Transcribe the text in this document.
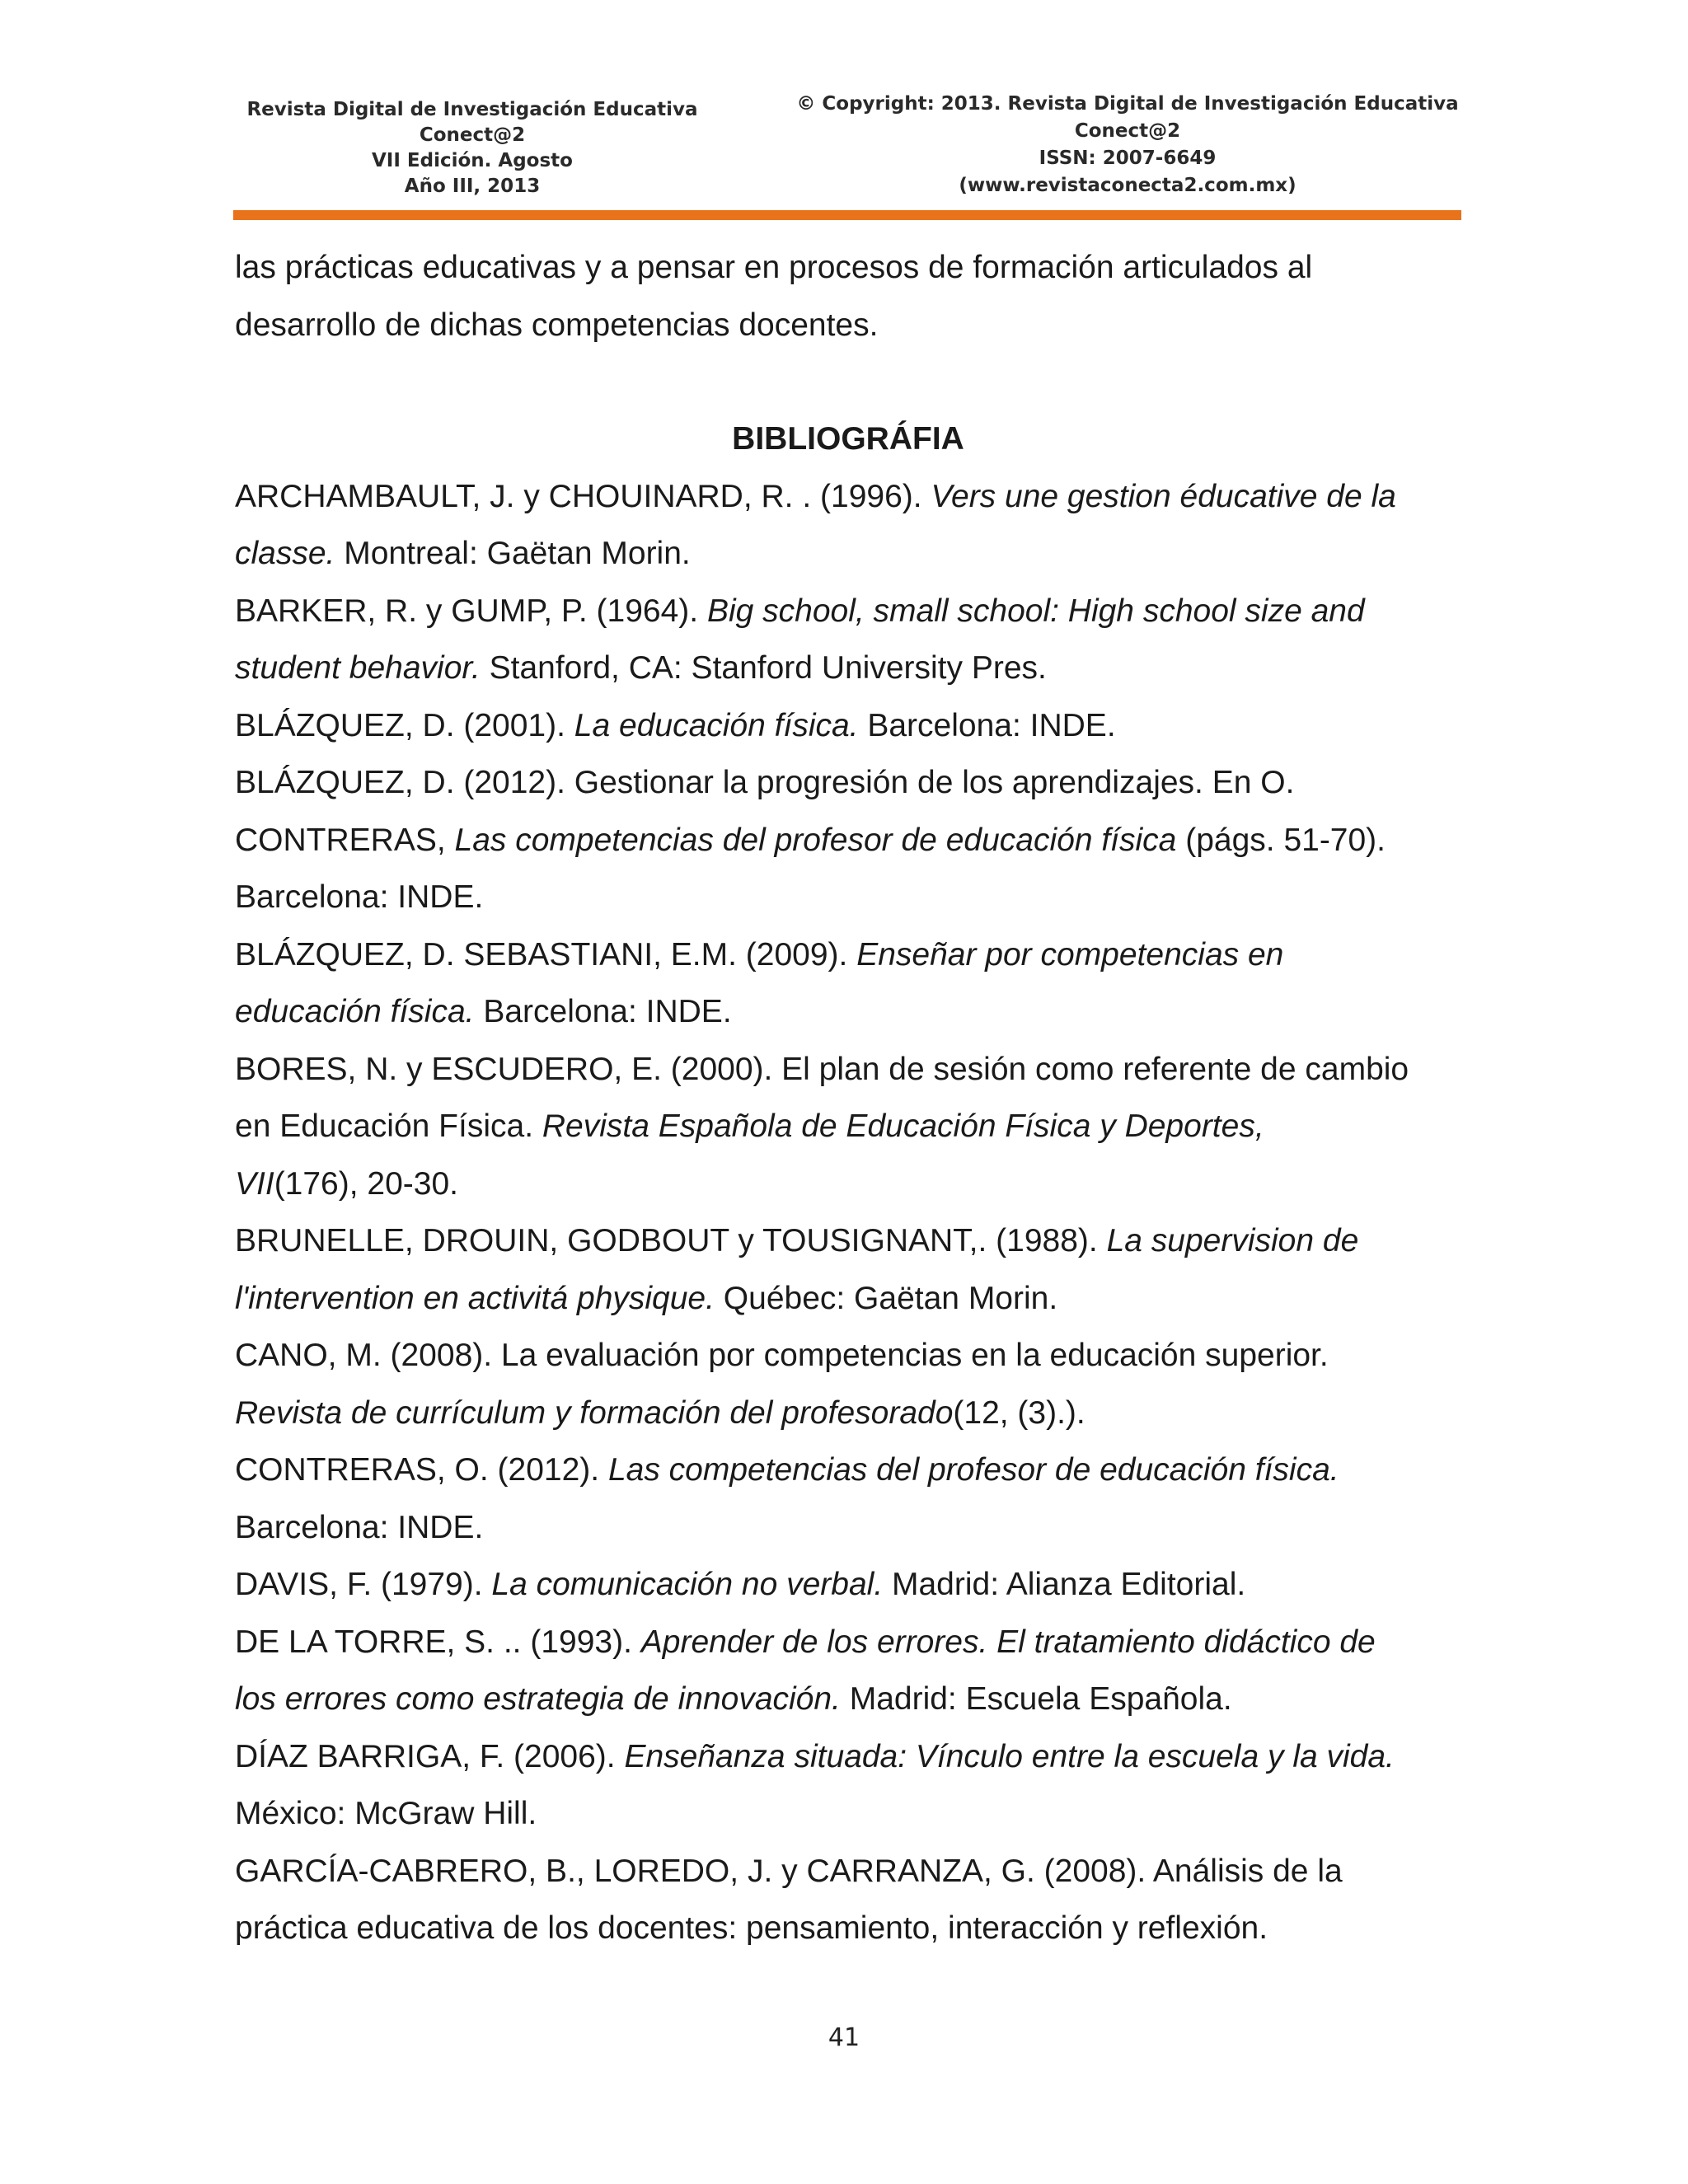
Revista Digital de Investigación Educativa
Conect@2
VII Edición. Agosto
Año III, 2013
© Copyright: 2013. Revista Digital de Investigación Educativa
Conect@2
ISSN: 2007-6649
(www.revistaconecta2.com.mx)

las prácticas educativas y a pensar en procesos de formación articulados al
desarrollo de dichas competencias docentes.

BIBLIOGRÁFIA

ARCHAMBAULT, J. y CHOUINARD, R. . (1996). Vers une gestion éducative de la
classe. Montreal: Gaëtan Morin.

BARKER, R. y GUMP, P. (1964). Big school, small school: High school size and
student behavior. Stanford, CA: Stanford University Pres.

BLÁZQUEZ, D. (2001). La educación física. Barcelona: INDE.

BLÁZQUEZ, D. (2012). Gestionar la progresión de los aprendizajes. En O.
CONTRERAS, Las competencias del profesor de educación física (págs. 51-70).
Barcelona: INDE.

BLÁZQUEZ, D. SEBASTIANI, E.M. (2009). Enseñar por competencias en
educación física. Barcelona: INDE.

BORES, N. y ESCUDERO, E. (2000). El plan de sesión como referente de cambio
en Educación Física. Revista Española de Educación Física y Deportes,
VII(176), 20-30.

BRUNELLE, DROUIN, GODBOUT y TOUSIGNANT,. (1988). La supervision de
l'intervention en activitá physique. Québec: Gaëtan Morin.

CANO, M. (2008). La evaluación por competencias en la educación superior.
Revista de currículum y formación del profesorado(12, (3).).

CONTRERAS, O. (2012). Las competencias del profesor de educación física.
Barcelona: INDE.

DAVIS, F. (1979). La comunicación no verbal. Madrid: Alianza Editorial.

DE LA TORRE, S. .. (1993). Aprender de los errores. El tratamiento didáctico de
los errores como estrategia de innovación. Madrid: Escuela Española.

DÍAZ BARRIGA, F. (2006). Enseñanza situada: Vínculo entre la escuela y la vida.
México: McGraw Hill.

GARCÍA-CABRERO, B., LOREDO, J. y CARRANZA, G. (2008). Análisis de la
práctica educativa de los docentes: pensamiento, interacción y reflexión.

41
